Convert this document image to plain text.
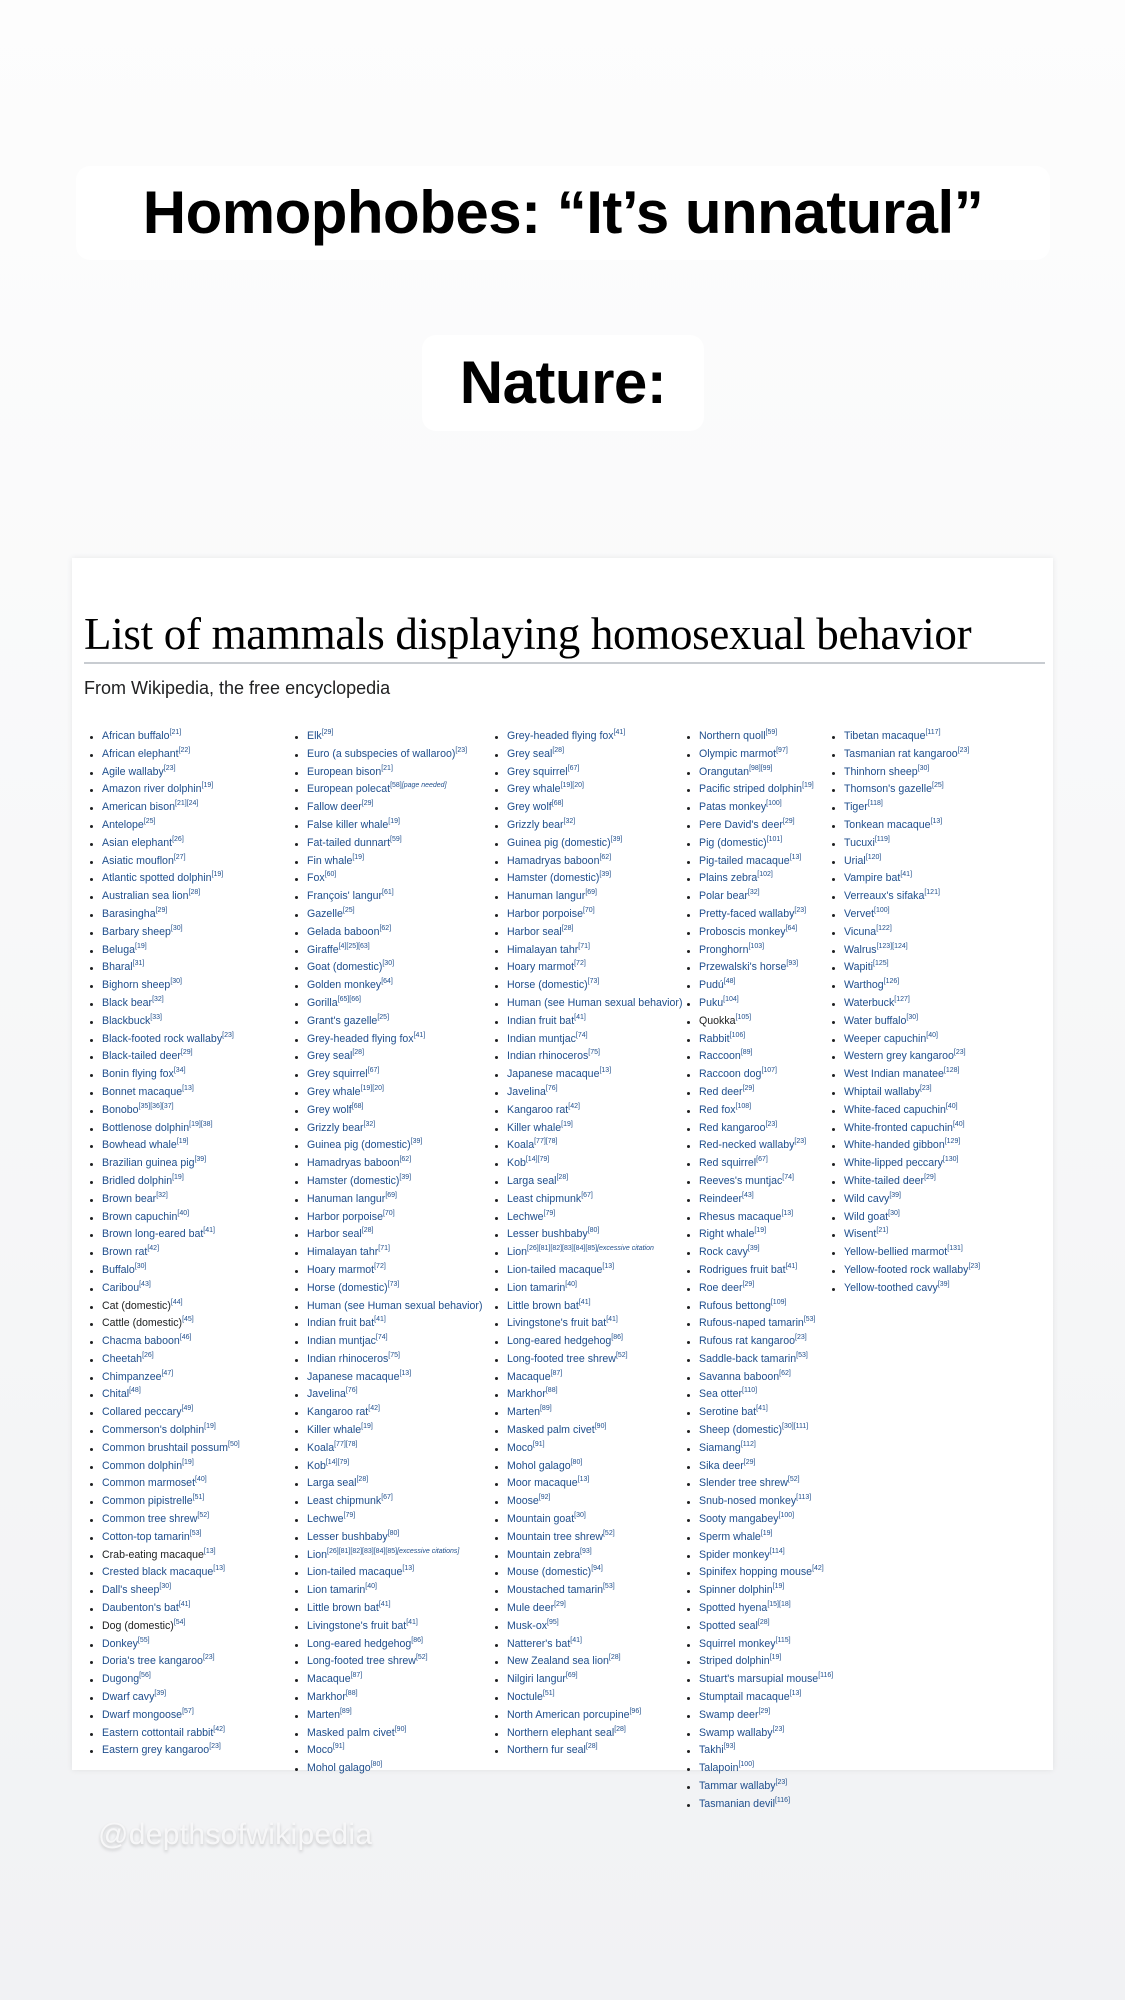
Homophobes: “It’s unnatural”
Nature:
List of mammals displaying homosexual behavior
From Wikipedia, the free encyclopedia
African buffalo[21]
African elephant[22]
Agile wallaby[23]
Amazon river dolphin[19]
American bison[21][24]
Antelope[25]
Asian elephant[26]
Asiatic mouflon[27]
Atlantic spotted dolphin[19]
Australian sea lion[28]
Barasingha[29]
Barbary sheep[30]
Beluga[19]
Bharal[31]
Bighorn sheep[30]
Black bear[32]
Blackbuck[33]
Black-footed rock wallaby[23]
Black-tailed deer[29]
Bonin flying fox[34]
Bonnet macaque[13]
Bonobo[35][36][37]
Bottlenose dolphin[19][38]
Bowhead whale[19]
Brazilian guinea pig[39]
Bridled dolphin[19]
Brown bear[32]
Brown capuchin[40]
Brown long-eared bat[41]
Brown rat[42]
Buffalo[30]
Caribou[43]
Cat (domestic)[44]
Cattle (domestic)[45]
Chacma baboon[46]
Cheetah[26]
Chimpanzee[47]
Chital[48]
Collared peccary[49]
Commerson's dolphin[19]
Common brushtail possum[50]
Common dolphin[19]
Common marmoset[40]
Common pipistrelle[51]
Common tree shrew[52]
Cotton-top tamarin[53]
Crab-eating macaque[13]
Crested black macaque[13]
Dall's sheep[30]
Daubenton's bat[41]
Dog (domestic)[54]
Donkey[55]
Doria's tree kangaroo[23]
Dugong[56]
Dwarf cavy[39]
Dwarf mongoose[57]
Eastern cottontail rabbit[42]
Eastern grey kangaroo[23]
Elk[29]
Euro (a subspecies of wallaroo)[23]
European bison[21]
European polecat[58][page needed]
Fallow deer[29]
False killer whale[19]
Fat-tailed dunnart[59]
Fin whale[19]
Fox[60]
François' langur[61]
Gazelle[25]
Gelada baboon[62]
Giraffe[4][25][63]
Goat (domestic)[30]
Golden monkey[64]
Gorilla[65][66]
Grant's gazelle[25]
Grey-headed flying fox[41]
Grey seal[28]
Grey squirrel[67]
Grey whale[19][20]
Grey wolf[68]
Grizzly bear[32]
Guinea pig (domestic)[39]
Hamadryas baboon[62]
Hamster (domestic)[39]
Hanuman langur[69]
Harbor porpoise[70]
Harbor seal[28]
Himalayan tahr[71]
Hoary marmot[72]
Horse (domestic)[73]
Human (see Human sexual behavior)
Indian fruit bat[41]
Indian muntjac[74]
Indian rhinoceros[75]
Japanese macaque[13]
Javelina[76]
Kangaroo rat[42]
Killer whale[19]
Koala[77][78]
Kob[14][79]
Larga seal[28]
Least chipmunk[67]
Lechwe[79]
Lesser bushbaby[80]
Lion[26][81][82][83][84][85][excessive citations]
Lion-tailed macaque[13]
Lion tamarin[40]
Little brown bat[41]
Livingstone's fruit bat[41]
Long-eared hedgehog[86]
Long-footed tree shrew[52]
Macaque[87]
Markhor[88]
Marten[89]
Masked palm civet[90]
Moco[91]
Mohol galago[80]
Grey-headed flying fox[41]
Grey seal[28]
Grey squirrel[67]
Grey whale[19][20]
Grey wolf[68]
Grizzly bear[32]
Guinea pig (domestic)[39]
Hamadryas baboon[62]
Hamster (domestic)[39]
Hanuman langur[69]
Harbor porpoise[70]
Harbor seal[28]
Himalayan tahr[71]
Hoary marmot[72]
Horse (domestic)[73]
Human (see Human sexual behavior)
Indian fruit bat[41]
Indian muntjac[74]
Indian rhinoceros[75]
Japanese macaque[13]
Javelina[76]
Kangaroo rat[42]
Killer whale[19]
Koala[77][78]
Kob[14][79]
Larga seal[28]
Least chipmunk[67]
Lechwe[79]
Lesser bushbaby[80]
Lion$^{[26][81][82][83][84][85][excessive citation}$
Lion-tailed macaque[13]
Lion tamarin[40]
Little brown bat[41]
Livingstone's fruit bat[41]
Long-eared hedgehog[86]
Long-footed tree shrew[52]
Macaque[87]
Markhor[88]
Marten[89]
Masked palm civet[90]
Moco[91]
Mohol galago[80]
Moor macaque[13]
Moose[92]
Mountain goat[30]
Mountain tree shrew[52]
Mountain zebra[93]
Mouse (domestic)[94]
Moustached tamarin[53]
Mule deer[29]
Musk-ox[95]
Natterer's bat[41]
New Zealand sea lion[28]
Nilgiri langur[69]
Noctule[51]
North American porcupine[96]
Northern elephant seal[28]
Northern fur seal[28]
Northern quoll[59]
Olympic marmot[97]
Orangutan[98][99]
Pacific striped dolphin[19]
Patas monkey[100]
Pere David's deer[29]
Pig (domestic)[101]
Pig-tailed macaque[13]
Plains zebra[102]
Polar bear[32]
Pretty-faced wallaby[23]
Proboscis monkey[64]
Pronghorn[103]
Przewalski's horse[93]
Pudú[48]
Puku[104]
Quokka[105]
Rabbit[106]
Raccoon[89]
Raccoon dog[107]
Red deer[29]
Red fox[108]
Red kangaroo[23]
Red-necked wallaby[23]
Red squirrel[67]
Reeves's muntjac[74]
Reindeer[43]
Rhesus macaque[13]
Right whale[19]
Rock cavy[39]
Rodrigues fruit bat[41]
Roe deer[29]
Rufous bettong[109]
Rufous-naped tamarin[53]
Rufous rat kangaroo[23]
Saddle-back tamarin[53]
Savanna baboon[62]
Sea otter[110]
Serotine bat[41]
Sheep (domestic)[30][111]
Siamang[112]
Sika deer[29]
Slender tree shrew[52]
Snub-nosed monkey[113]
Sooty mangabey[100]
Sperm whale[19]
Spider monkey[114]
Spinifex hopping mouse[42]
Spinner dolphin[19]
Spotted hyena[15][18]
Spotted seal[28]
Squirrel monkey[115]
Striped dolphin[19]
Stuart's marsupial mouse[116]
Stumptail macaque[13]
Swamp deer[29]
Swamp wallaby[23]
Takhi[93]
Talapoin[100]
Tammar wallaby[23]
Tasmanian devil[116]
Tibetan macaque[117]
Tasmanian rat kangaroo[23]
Thinhorn sheep[30]
Thomson's gazelle[25]
Tiger[118]
Tonkean macaque[13]
Tucuxi[119]
Urial[120]
Vampire bat[41]
Verreaux's sifaka[121]
Vervet[100]
Vicuna[122]
Walrus[123][124]
Wapiti[125]
Warthog[126]
Waterbuck[127]
Water buffalo[30]
Weeper capuchin[40]
Western grey kangaroo[23]
West Indian manatee[128]
Whiptail wallaby[23]
White-faced capuchin[40]
White-fronted capuchin[40]
White-handed gibbon[129]
White-lipped peccary[130]
White-tailed deer[29]
Wild cavy[39]
Wild goat[30]
Wisent[21]
Yellow-bellied marmot[131]
Yellow-footed rock wallaby[23]
Yellow-toothed cavy[39]
@depthsofwikipedia
